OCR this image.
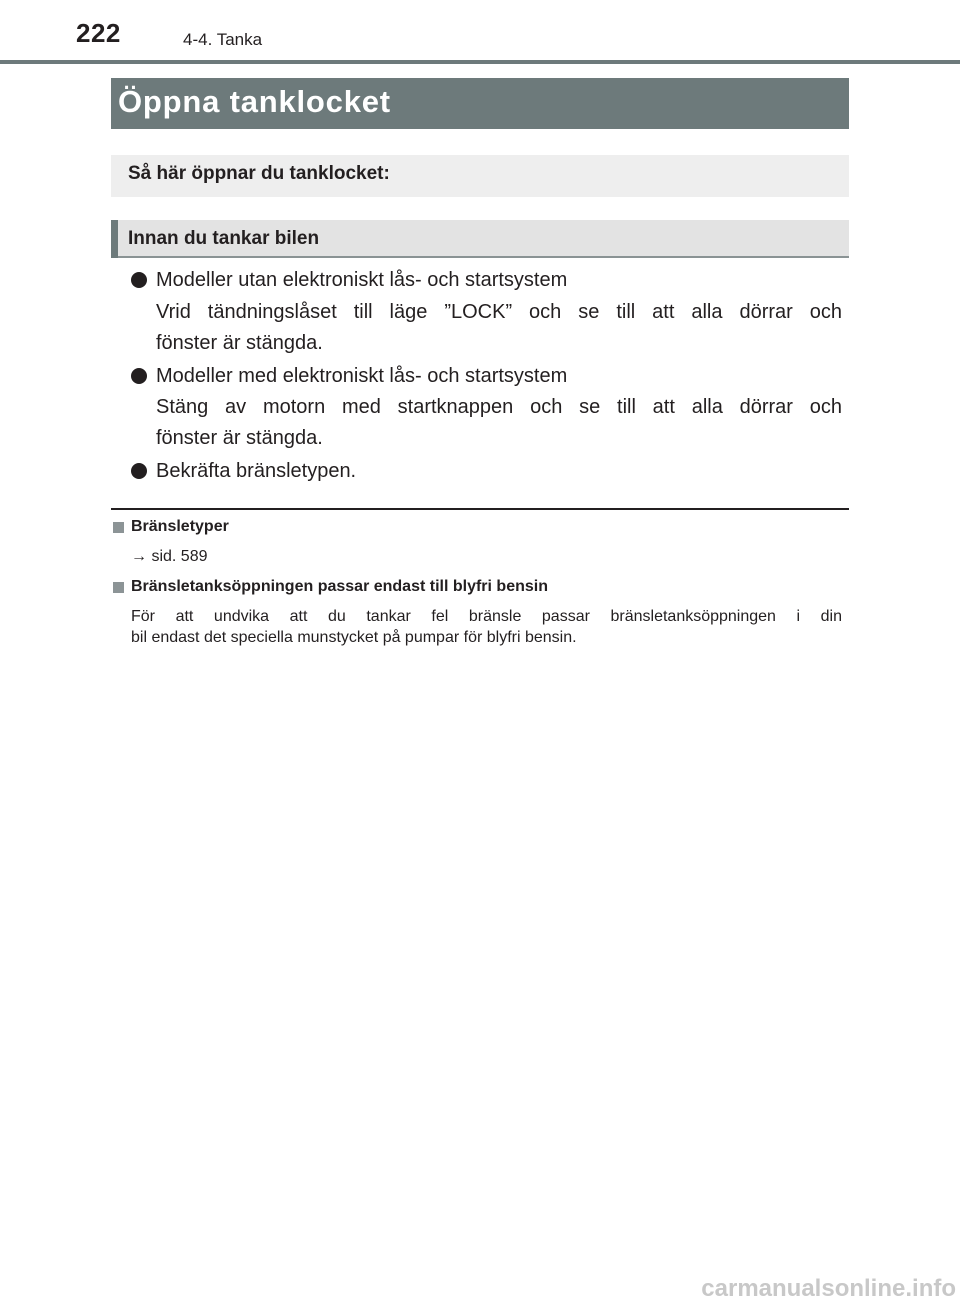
222	4-4. Tanka
Öppna tanklocket
Så här öppnar du tanklocket:
Innan du tankar bilen
Modeller utan elektroniskt lås- och startsystem
Vrid tändningslåset till läge ”LOCK” och se till att alla dörrar och
fönster är stängda.
Modeller med elektroniskt lås- och startsystem
Stäng av motorn med startknappen och se till att alla dörrar och
fönster är stängda.
Bekräfta bränsletypen.
Bränsletyper
→ sid. 589
Bränsletanksöppningen passar endast till blyfri bensin
För att undvika att du tankar fel bränsle passar bränsletanksöppningen i din
bil endast det speciella munstycket på pumpar för blyfri bensin.
carmanualsonline.info
